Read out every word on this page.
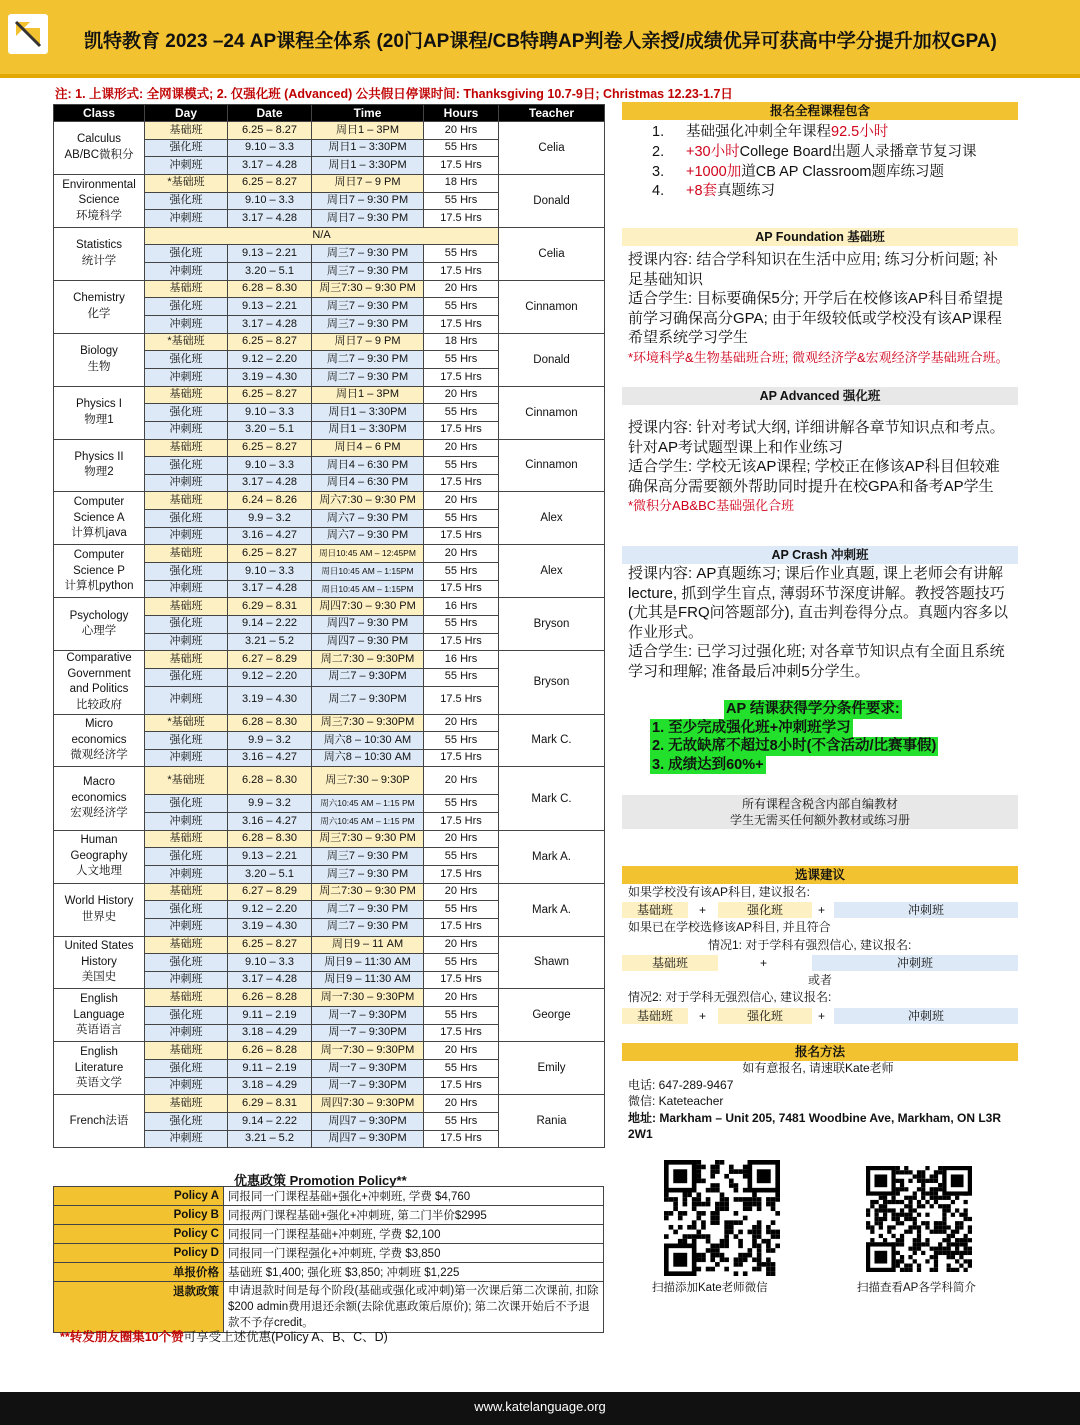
凯特教育 2023 –24 AP课程全体系 (20门AP课程/CB特聘AP判卷人亲授/成绩优异可获高中学分提升加权GPA)
注: 1. 上课形式: 全网课模式; 2. 仅强化班 (Advanced) 公共假日停课时间: Thanksgiving 10.7-9日; Christmas 12.23-1.7日
Class	Day	Date	Time	Hours	Teacher

Calculus
AB/BC微积分	基础班	6.25 – 8.27	周日1 – 3PM	20 Hrs	Celia
	强化班	9.10 – 3.3	周日1 – 3:30PM	55 Hrs	
	冲刺班	3.17 – 4.28	周日1 – 3:30PM	17.5 Hrs	

Environmental
Science
环境科学	*基础班	6.25 – 8.27	周日7 – 9 PM	18 Hrs	Donald
	强化班	9.10 – 3.3	周日7 – 9:30 PM	55 Hrs	
	冲刺班	3.17 – 4.28	周日7 – 9:30 PM	17.5 Hrs	

Statistics
统计学	N/A				Celia
	强化班	9.13 – 2.21	周三7 – 9:30 PM	55 Hrs	
	冲刺班	3.20 – 5.1	周三7 – 9:30 PM	17.5 Hrs	

Chemistry
化学	基础班	6.28 – 8.30	周三7:30 – 9:30 PM	20 Hrs	Cinnamon
	强化班	9.13 – 2.21	周三7 – 9:30 PM	55 Hrs	
	冲刺班	3.17 – 4.28	周三7 – 9:30 PM	17.5 Hrs	

Biology
生物	*基础班	6.25 – 8.27	周日7 – 9 PM	18 Hrs	Donald
	强化班	9.12 – 2.20	周二7 – 9:30 PM	55 Hrs	
	冲刺班	3.19 – 4.30	周二7 – 9:30 PM	17.5 Hrs	

Physics I
物理1	基础班	6.25 – 8.27	周日1 – 3PM	20 Hrs	Cinnamon
	强化班	9.10 – 3.3	周日1 – 3:30PM	55 Hrs	
	冲刺班	3.20 – 5.1	周日1 – 3:30PM	17.5 Hrs	

Physics II
物理2	基础班	6.25 – 8.27	周日4 – 6 PM	20 Hrs	Cinnamon
	强化班	9.10 – 3.3	周日4 – 6:30 PM	55 Hrs	
	冲刺班	3.17 – 4.28	周日4 – 6:30 PM	17.5 Hrs	

Computer
Science A
计算机java	基础班	6.24 – 8.26	周六7:30 – 9:30 PM	20 Hrs	Alex
	强化班	9.9 – 3.2	周六7 – 9:30 PM	55 Hrs	
	冲刺班	3.16 – 4.27	周六7 – 9:30 PM	17.5 Hrs	

Computer
Science P
计算机python	基础班	6.25 – 8.27	周日10:45 AM – 12:45PM	20 Hrs	Alex
	强化班	9.10 – 3.3	周日10:45 AM – 1:15PM	55 Hrs	
	冲刺班	3.17 – 4.28	周日10:45 AM – 1:15PM	17.5 Hrs	

Psychology
心理学	基础班	6.29 – 8.31	周四7:30 – 9:30 PM	16 Hrs	Bryson
	强化班	9.14 – 2.22	周四7 – 9:30 PM	55 Hrs	
	冲刺班	3.21 – 5.2	周四7 – 9:30 PM	17.5 Hrs	

Comparative
Government
and Politics
比较政府	基础班	6.27 – 8.29	周二7:30 – 9:30PM	16 Hrs	Bryson
	强化班	9.12 – 2.20	周二7 – 9:30PM	55 Hrs	
	冲刺班	3.19 – 4.30	周二7 – 9:30PM	17.5 Hrs	

Micro
economics
微观经济学	*基础班	6.28 – 8.30	周三7:30 – 9:30PM	20 Hrs	Mark C.
	强化班	9.9 – 3.2	周六8 – 10:30 AM	55 Hrs	
	冲刺班	3.16 – 4.27	周六8 – 10:30 AM	17.5 Hrs	

Macro
economics
宏观经济学	*基础班	6.28 – 8.30	周三7:30 – 9:30P	20 Hrs	Mark C.
	强化班	9.9 – 3.2	周六10:45 AM – 1:15 PM	55 Hrs	
	冲刺班	3.16 – 4.27	周六10:45 AM – 1:15 PM	17.5 Hrs	

Human
Geography
人文地理	基础班	6.28 – 8.30	周三7:30 – 9:30 PM	20 Hrs	Mark A.
	强化班	9.13 – 2.21	周三7 – 9:30 PM	55 Hrs	
	冲刺班	3.20 – 5.1	周三7 – 9:30 PM	17.5 Hrs	

World History
世界史	基础班	6.27 – 8.29	周二7:30 – 9:30 PM	20 Hrs	Mark A.
	强化班	9.12 – 2.20	周二7 – 9:30 PM	55 Hrs	
	冲刺班	3.19 – 4.30	周二7 – 9:30 PM	17.5 Hrs	

United States
History
美国史	基础班	6.25 – 8.27	周日9 – 11 AM	20 Hrs	Shawn
	强化班	9.10 – 3.3	周日9 – 11:30 AM	55 Hrs	
	冲刺班	3.17 – 4.28	周日9 – 11:30 AM	17.5 Hrs	

English
Language
英语语言	基础班	6.26 – 8.28	周一7:30 – 9:30PM	20 Hrs	George
	强化班	9.11 – 2.19	周一7 – 9:30PM	55 Hrs	
	冲刺班	3.18 – 4.29	周一7 – 9:30PM	17.5 Hrs	

English
Literature
英语文学	基础班	6.26 – 8.28	周一7:30 – 9:30PM	20 Hrs	Emily
	强化班	9.11 – 2.19	周一7 – 9:30PM	55 Hrs	
	冲刺班	3.18 – 4.29	周一7 – 9:30PM	17.5 Hrs	

French法语	基础班	6.29 – 8.31	周四7:30 – 9:30PM	20 Hrs	Rania
	强化班	9.14 – 2.22	周四7 – 9:30PM	55 Hrs	
	冲刺班	3.21 – 5.2	周四7 – 9:30PM	17.5 Hrs	
优惠政策 Promotion Policy**
Policy A	同报同一门课程基础+强化+冲刺班, 学费 $4,760
Policy B	同报两门课程基础+强化+冲刺班, 第二门半价$2995
Policy C	同报同一门课程基础+冲刺班, 学费 $2,100
Policy D	同报同一门课程强化+冲刺班, 学费 $3,850
单报价格	基础班 $1,400; 强化班 $3,850; 冲刺班 $1,225
退款政策	申请退款时间是每个阶段(基础或强化或冲刺)第一次课后第二次课前, 扣除$200 admin费用退还余额(去除优惠政策后原价); 第二次课开始后不予退款不予存credit。
**转发朋友圈集10个赞可享受上述优惠(Policy A、B、C、D)
报名全程课程包含
1. 基础强化冲刺全年课程92.5小时
2. +30小时College Board出题人录播章节复习课
3. +1000加道CB AP Classroom题库练习题
4. +8套真题练习
AP Foundation 基础班
授课内容: 结合学科知识在生活中应用; 练习分析问题; 补足基础知识
适合学生: 目标要确保5分; 开学后在校修该AP科目希望提前学习确保高分GPA; 由于年级较低或学校没有该AP课程希望系统学习学生
*环境科学&生物基础班合班; 微观经济学&宏观经济学基础班合班。
AP Advanced 强化班
授课内容: 针对考试大纲, 详细讲解各章节知识点和考点。针对AP考试题型课上和作业练习
适合学生: 学校无该AP课程; 学校正在修该AP科目但较难确保高分需要额外帮助同时提升在校GPA和备考AP学生
*微积分AB&BC基础强化合班
AP Crash 冲刺班
授课内容: AP真题练习; 课后作业真题, 课上老师会有讲解lecture, 抓到学生盲点, 薄弱环节深度讲解。教授答题技巧(尤其是FRQ问答题部分), 直击判卷得分点。真题内容多以作业形式。
适合学生: 已学习过强化班; 对各章节知识点有全面且系统学习和理解; 准备最后冲刺5分学生。
AP 结课获得学分条件要求:
1. 至少完成强化班+冲刺班学习
2. 无故缺席不超过8小时(不含活动/比赛事假)
3. 成绩达到60%+
所有课程含税含内部自编教材
学生无需买任何额外教材或练习册
选课建议
如果学校没有该AP科目, 建议报名:
基础班	+	强化班	+	冲刺班
如果已在学校选修该AP科目, 并且符合
情况1: 对于学科有强烈信心, 建议报名:
基础班	+	冲刺班
或者
情况2: 对于学科无强烈信心, 建议报名:
基础班	+	强化班	+	冲刺班
报名方法
如有意报名, 请速联Kate老师
电话: 647-289-9467
微信: Kateteacher
地址: Markham – Unit 205, 7481 Woodbine Ave, Markham, ON L3R 2W1
扫描添加Kate老师微信	扫描查看AP各学科简介
www.katelanguage.org
